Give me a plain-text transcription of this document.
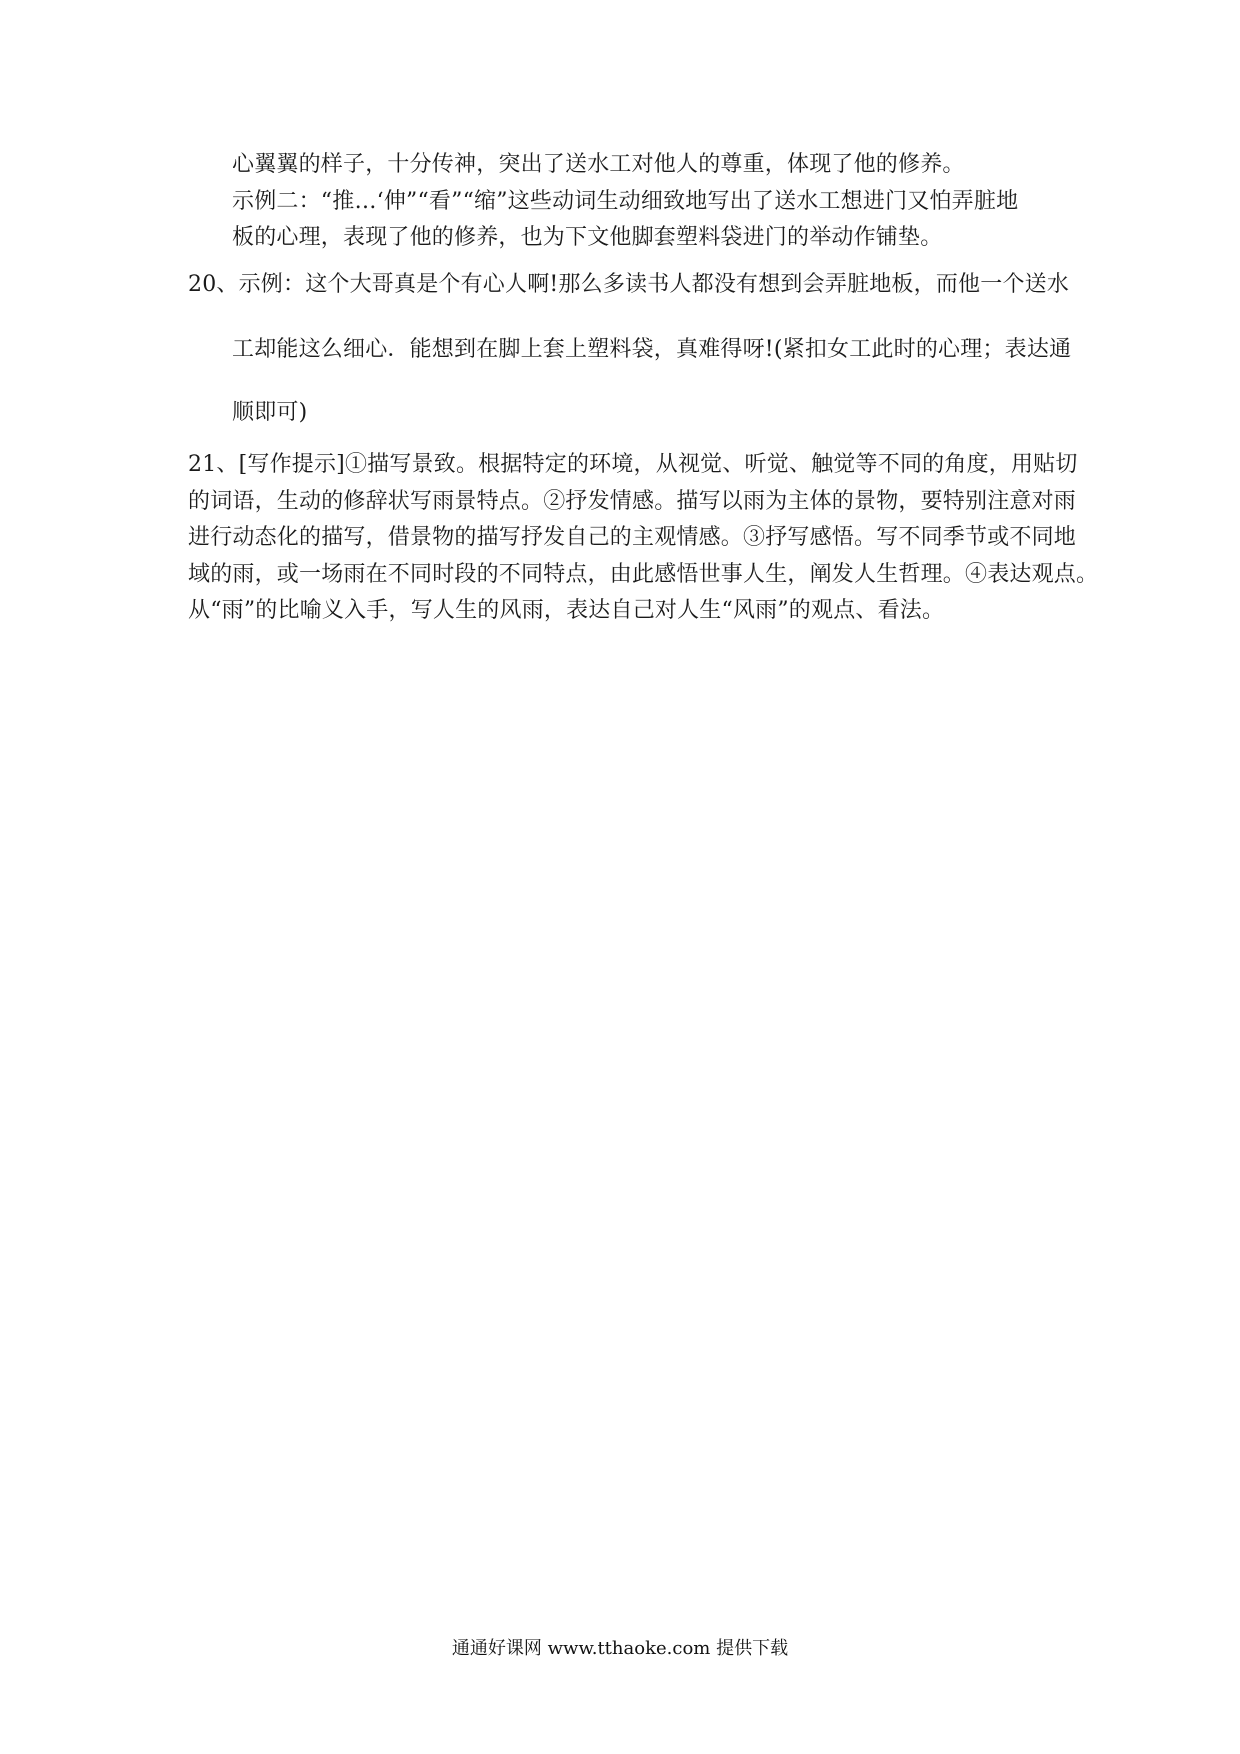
心翼翼的样子，十分传神，突出了送水工对他人的尊重，体现了他的修养。
示例二：“推…‘伸”“看”“缩”这些动词生动细致地写出了送水工想进门又怕弄脏地
板的心理，表现了他的修养，也为下文他脚套塑料袋进门的举动作铺垫。
20、示例：这个大哥真是个有心人啊!那么多读书人都没有想到会弄脏地板，而他一个送水
工却能这么细心．能想到在脚上套上塑料袋，真难得呀!(紧扣女工此时的心理；表达通
顺即可)
21、[写作提示]①描写景致。根据特定的环境，从视觉、听觉、触觉等不同的角度，用贴切
的词语，生动的修辞状写雨景特点。②抒发情感。描写以雨为主体的景物，要特别注意对雨
进行动态化的描写，借景物的描写抒发自己的主观情感。③抒写感悟。写不同季节或不同地
域的雨，或一场雨在不同时段的不同特点，由此感悟世事人生，阐发人生哲理。④表达观点。
从“雨”的比喻义入手，写人生的风雨，表达自己对人生“风雨”的观点、看法。
通通好课网 www.tthaoke.com 提供下载
